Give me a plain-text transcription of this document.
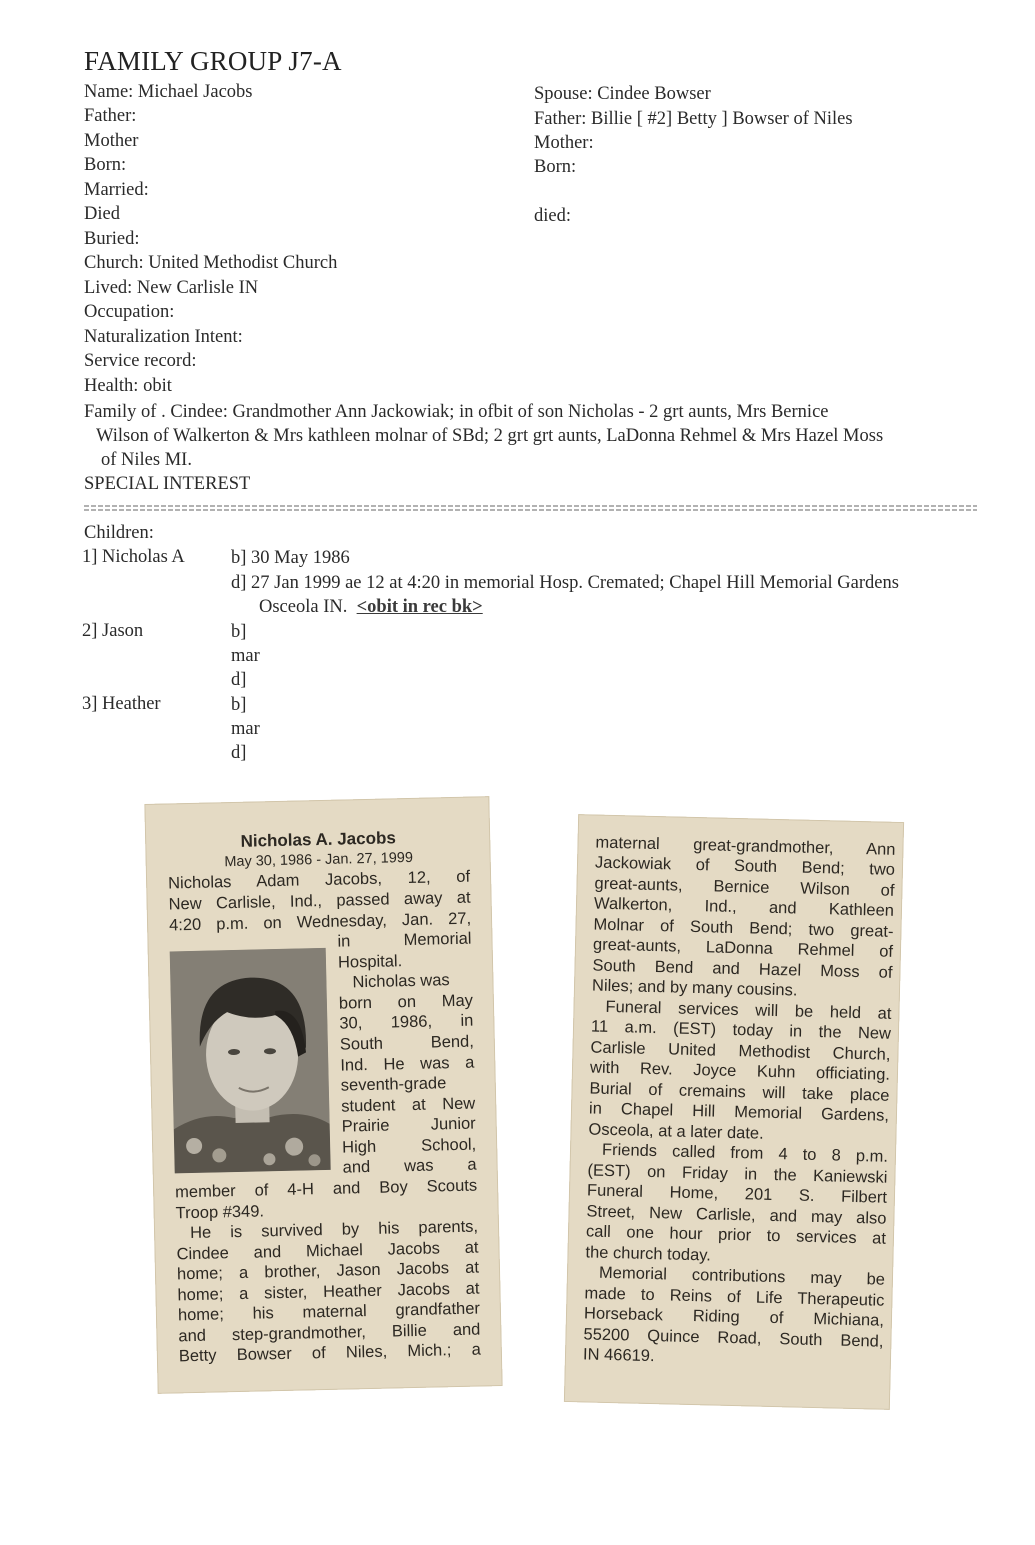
FAMILY GROUP J7-A
Name: Michael Jacobs
Father:
Mother
Born:
Married:
Died
Buried:
Church: United Methodist Church
Lived: New Carlisle IN
Occupation:
Naturalization Intent:
Service record:
Health: obit
Spouse: Cindee Bowser
Father: Billie [ #2] Betty ] Bowser of Niles
Mother:
Born:
died:
Family of . Cindee: Grandmother Ann Jackowiak; in ofbit of son Nicholas - 2 grt aunts, Mrs Bernice
Wilson of Walkerton & Mrs kathleen molnar of SBd; 2 grt grt aunts, LaDonna Rehmel & Mrs Hazel Moss
of Niles MI.
SPECIAL INTEREST
Children:
1] Nicholas A b] 30 May 1986
d] 27 Jan 1999 ae 12 at 4:20 in memorial Hosp. Cremated; Chapel Hill Memorial Gardens
Osceola IN. <obit in rec bk>
2] Jason	b]
mar
d]
3] Heather	b]
mar
d]
Nicholas A. Jacobs
May 30, 1986 - Jan. 27, 1999
Nicholas Adam Jacobs, 12, of
New Carlisle, Ind., passed away at
4:20 p.m. on Wednesday, Jan. 27,
in Memorial
Hospital.
Nicholas was
born on May
30, 1986, in
South Bend,
Ind. He was a
seventh-grade
student at New
Prairie Junior
High School,
and was a
member of 4-H and Boy Scouts
Troop #349.
He is survived by his parents,
Cindee and Michael Jacobs at
home; a brother, Jason Jacobs at
home; a sister, Heather Jacobs at
home; his maternal grandfather
and step-grandmother, Billie and
Betty Bowser of Niles, Mich.; a
maternal great-grandmother, Ann
Jackowiak of South Bend; two
great-aunts, Bernice Wilson of
Walkerton, Ind., and Kathleen
Molnar of South Bend; two great-
great-aunts, LaDonna Rehmel of
South Bend and Hazel Moss of
Niles; and by many cousins.
Funeral services will be held at
11 a.m. (EST) today in the New
Carlisle United Methodist Church,
with Rev. Joyce Kuhn officiating.
Burial of cremains will take place
in Chapel Hill Memorial Gardens,
Osceola, at a later date.
Friends called from 4 to 8 p.m.
(EST) on Friday in the Kaniewski
Funeral Home, 201 S. Filbert
Street, New Carlisle, and may also
call one hour prior to services at
the church today.
Memorial contributions may be
made to Reins of Life Therapeutic
Horseback Riding of Michiana,
55200 Quince Road, South Bend,
IN 46619.
